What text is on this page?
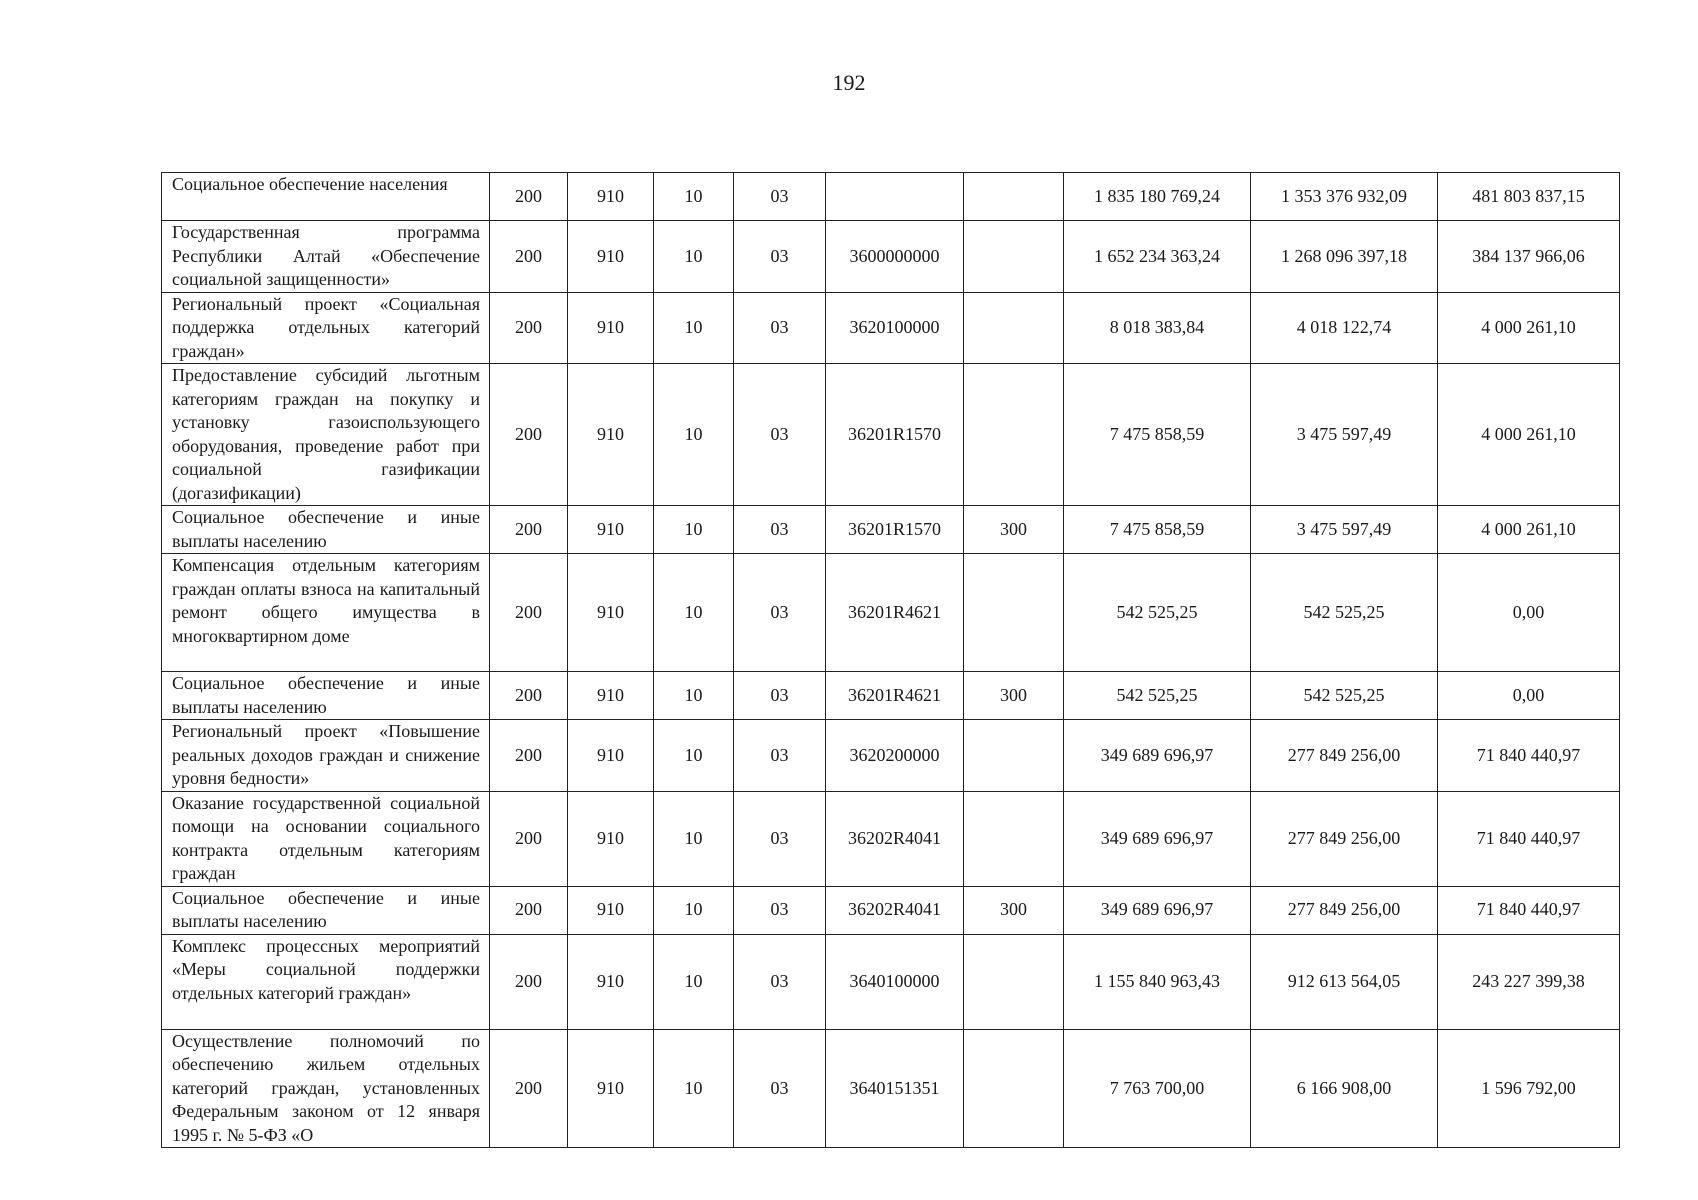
192
Социальное обеспечение населения	200	910	10	03			1 835 180 769,24	1 353 376 932,09	481 803 837,15
Государственная программа Республики Алтай «Обеспечение социальной защищенности»	200	910	10	03	3600000000		1 652 234 363,24	1 268 096 397,18	384 137 966,06
Региональный проект «Социальная поддержка отдельных категорий граждан»	200	910	10	03	3620100000		8 018 383,84	4 018 122,74	4 000 261,10
Предоставление субсидий льготным категориям граждан на покупку и установку газоиспользующего оборудования, проведение работ при социальной газификации (догазификации)	200	910	10	03	36201R1570		7 475 858,59	3 475 597,49	4 000 261,10
Социальное обеспечение и иные выплаты населению	200	910	10	03	36201R1570	300	7 475 858,59	3 475 597,49	4 000 261,10
Компенсация отдельным категориям граждан оплаты взноса на капитальный ремонт общего имущества в многоквартирном доме	200	910	10	03	36201R4621		542 525,25	542 525,25	0,00
Социальное обеспечение и иные выплаты населению	200	910	10	03	36201R4621	300	542 525,25	542 525,25	0,00
Региональный проект «Повышение реальных доходов граждан и снижение уровня бедности»	200	910	10	03	3620200000		349 689 696,97	277 849 256,00	71 840 440,97
Оказание государственной социальной помощи на основании социального контракта отдельным категориям граждан	200	910	10	03	36202R4041		349 689 696,97	277 849 256,00	71 840 440,97
Социальное обеспечение и иные выплаты населению	200	910	10	03	36202R4041	300	349 689 696,97	277 849 256,00	71 840 440,97
Комплекс процессных мероприятий «Меры социальной поддержки отдельных категорий граждан»	200	910	10	03	3640100000		1 155 840 963,43	912 613 564,05	243 227 399,38
Осуществление полномочий по обеспечению жильем отдельных категорий граждан, установленных Федеральным законом от 12 января 1995 г. № 5-ФЗ «О	200	910	10	03	3640151351		7 763 700,00	6 166 908,00	1 596 792,00
